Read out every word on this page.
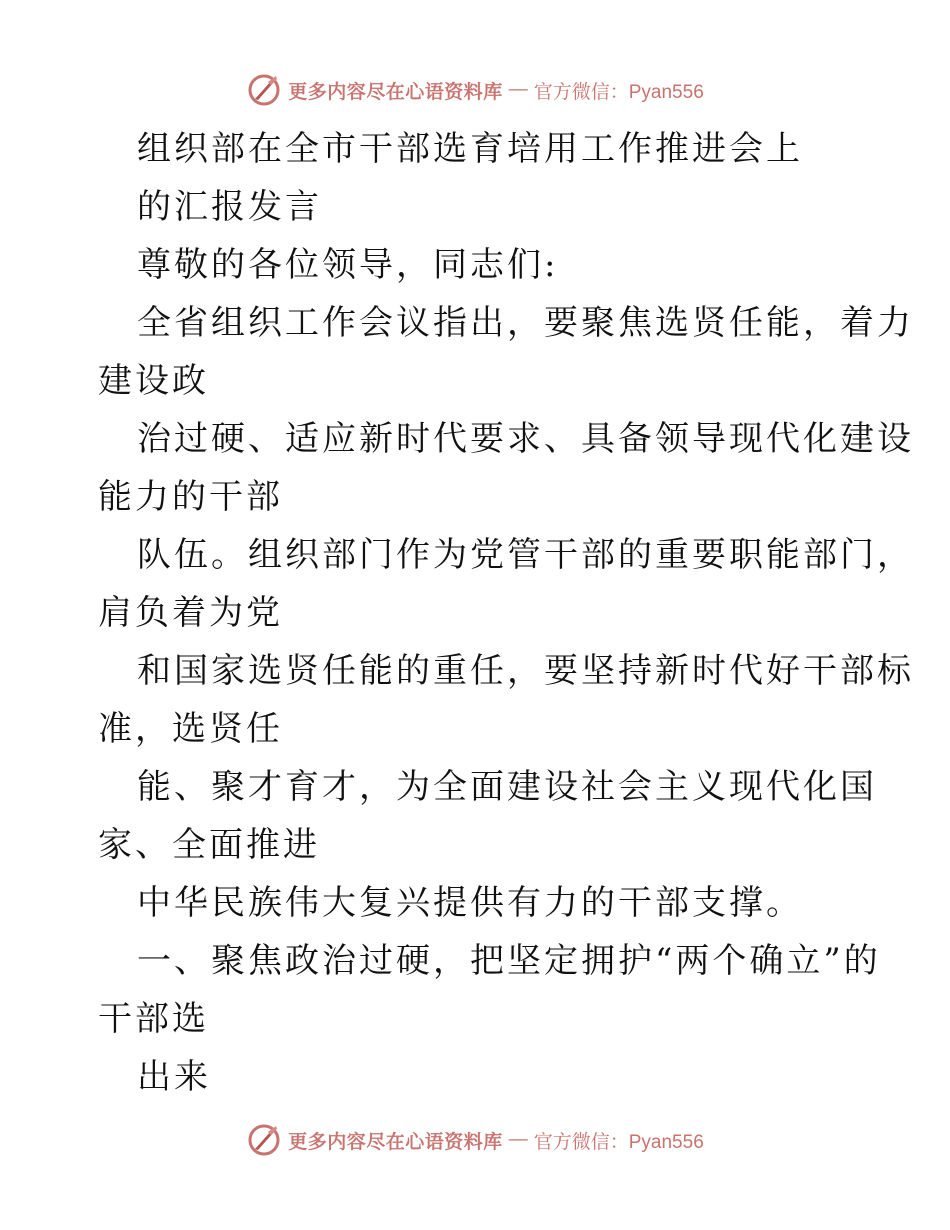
更多内容尽在心语资料库 — 官方微信：Pyan556
组织部在全市干部选育培用工作推进会上
的汇报发言
尊敬的各位领导，同志们:
全省组织工作会议指出，要聚焦选贤任能，着力
建设政
治过硬、适应新时代要求、具备领导现代化建设
能力的干部
队伍。组织部门作为党管干部的重要职能部门，
肩负着为党
和国家选贤任能的重任，要坚持新时代好干部标
准，选贤任
能、聚才育才，为全面建设社会主义现代化国
家、全面推进
中华民族伟大复兴提供有力的干部支撑。
一、聚焦政治过硬，把坚定拥护“两个确立”的
干部选
出来
更多内容尽在心语资料库 — 官方微信：Pyan556
